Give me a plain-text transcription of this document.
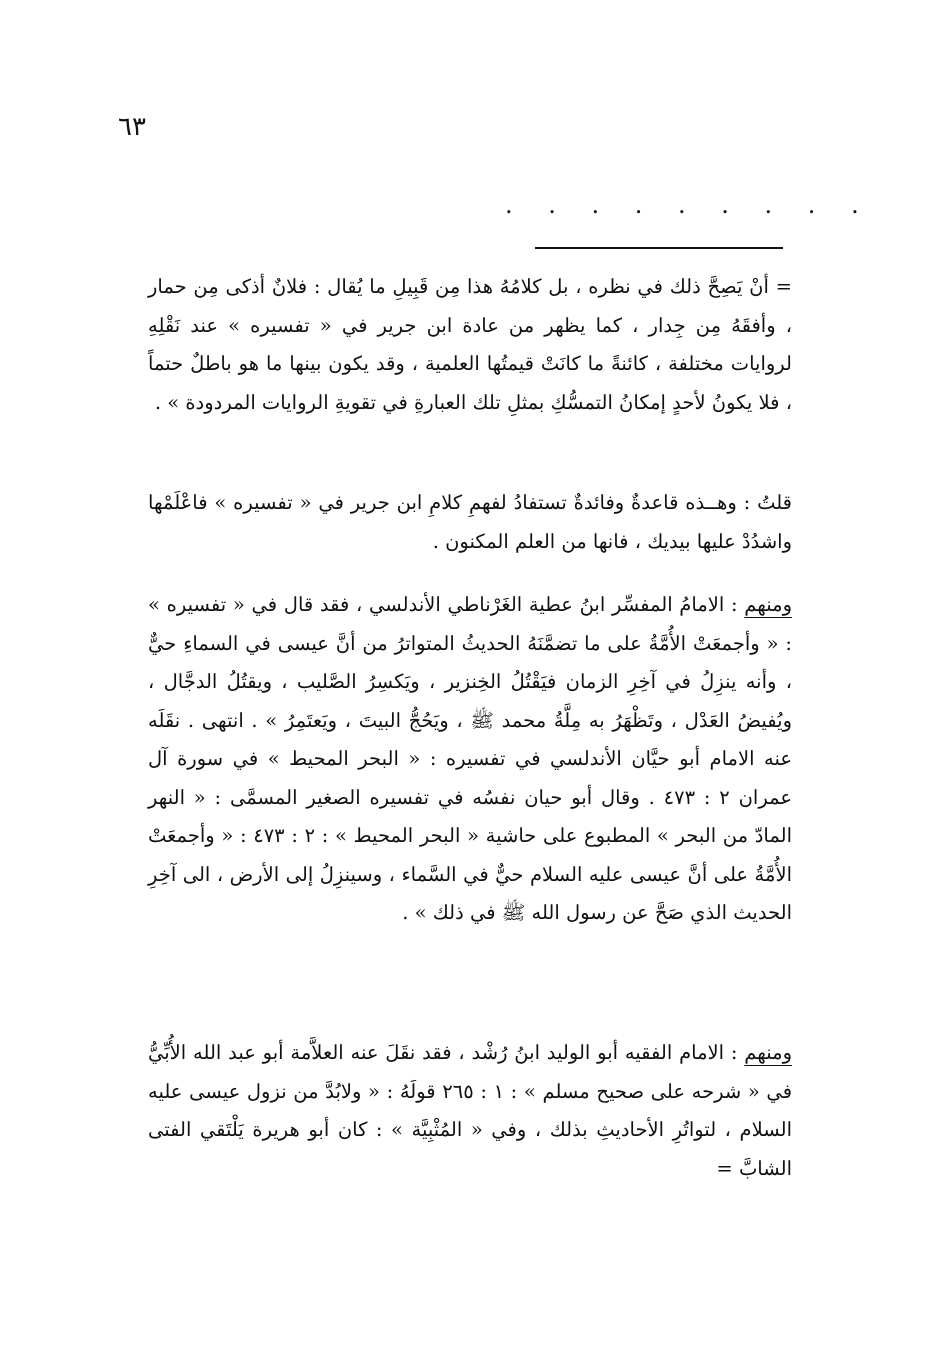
٦٣
. . . . . . . . .

= أنْ يَصِحَّ ذلك في نظره ، بل كلامُهُ هذا مِن قَبِيلِ ما يُقال : فلانٌ أذكى مِن حمار ، وأفقَهُ مِن جِدار ، كما يظهر من عادة ابن جرير في « تفسيره » عند نَقْلِهِ لروايات مختلفة ، كائنةً ما كانَتْ قيمتُها العلمية ، وقد يكون بينها ما هو باطلٌ حتماً ، فلا يكونُ لأحدٍ إمكانُ التمسُّكِ بمثلِ تلك العبارةِ في تقويةِ الروايات المردودة » .

قلتُ : وهــذه قاعدةٌ وفائدةٌ تستفادُ لفهمِ كلامِ ابن جرير في « تفسيره » فاعْلَمْها واشدُدْ عليها بيديك ، فانها من العلم المكنون .

ومنهم : الامامُ المفسِّر ابنُ عطية الغَرْناطي الأندلسي ، فقد قال في « تفسيره » : « وأجمعَتْ الأُمَّةُ على ما تضمَّنَهُ الحديثُ المتواترُ من أنَّ عيسى في السماءِ حيٌّ ، وأنه ينزِلُ في آخِرِ الزمان فيَقْتُلُ الخِنزير ، ويَكسِرُ الصَّليب ، ويقتُلُ الدجَّال ، ويُفيضُ العَدْل ، وتَظْهَرُ به مِلَّةُ محمد ﷺ ، ويَحُجُّ البيتَ ، ويَعتَمِرُ » . انتهى . نقَلَه عنه الامام أبو حيَّان الأندلسي في تفسيره : « البحر المحيط » في سورة آل عمران ٢ : ٤٧٣ . وقال أبو حيان نفسُه في تفسيره الصغير المسمَّى : « النهر المادّ من البحر » المطبوع على حاشية « البحر المحيط » : ٢ : ٤٧٣ : « وأجمعَتْ الأُمَّةُ على أنَّ عيسى عليه السلام حيٌّ في السَّماء ، وسينزِلُ إلى الأرض ، الى آخِرِ الحديث الذي صَحَّ عن رسول الله ﷺ في ذلك » .

ومنهم : الامام الفقيه أبو الوليد ابنُ رُشْد ، فقد نقَلَ عنه العلاَّمة أبو عبد الله الأُبِّيُّ في « شرحه على صحيح مسلم » : ١ : ٢٦٥ قولَهُ : « ولابُدَّ من نزول عيسى عليه السلام ، لتواتُرِ الأحاديثِ بذلك ، وفي « المُثْبِيَّة » : كان أبو هريرة يَلْتَقي الفتى الشابَّ =
